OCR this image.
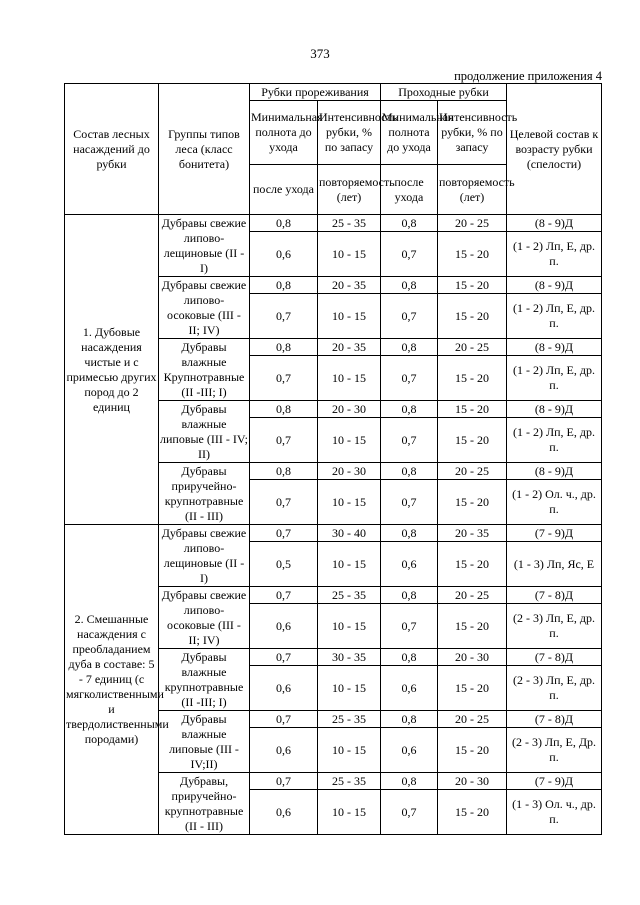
373
продолжение приложения 4
Состав лесных насаждений до рубки	Группы типов леса (класс бонитета)	Рубки прореживания		Проходные рубки		Целевой состав к возрасту рубки (спелости)
		Минимальная полнота до ухода	Интенсивность рубки, % по запасу	Минимальная полнота до ухода	Интенсивность рубки, % по запасу	
		после ухода	повторяемость (лет)	после ухода	повторяемость (лет)	
1. Дубовые насаждения чистые и с примесью других пород до 2 единиц	Дубравы свежие липово-лещиновые (II - I)	0,8	25 - 35	0,8	20 - 25	(8 - 9)Д
		0,6	10 - 15	0,7	15 - 20	(1 - 2) Лп, Е, др. п.
	Дубравы свежие липово-осоковые (III - II; IV)	0,8	20 - 35	0,8	15 - 20	(8 - 9)Д
		0,7	10 - 15	0,7	15 - 20	(1 - 2) Лп, Е, др. п.
	Дубравы влажные Крупнотравные (II -III; I)	0,8	20 - 35	0,8	20 - 25	(8 - 9)Д
		0,7	10 - 15	0,7	15 - 20	(1 - 2) Лп, Е, др. п.
	Дубравы влажные липовые (III - IV; II)	0,8	20 - 30	0,8	15 - 20	(8 - 9)Д
		0,7	10 - 15	0,7	15 - 20	(1 - 2) Лп, Е, др. п.
	Дубравы приручейно-крупнотравные (II - III)	0,8	20 - 30	0,8	20 - 25	(8 - 9)Д
		0,7	10 - 15	0,7	15 - 20	(1 - 2) Ол. ч., др. п.
2. Смешанные насаждения с преобладанием дуба в составе: 5 - 7 единиц (с мягколиственными и твердолиственными породами)	Дубравы свежие липово-лещиновые (II - I)	0,7	30 - 40	0,8	20 - 35	(7 - 9)Д
		0,5	10 - 15	0,6	15 - 20	(1 - 3) Лп, Яс, Е
	Дубравы свежие липово-осоковые (III - II; IV)	0,7	25 - 35	0,8	20 - 25	(7 - 8)Д
		0,6	10 - 15	0,7	15 - 20	(2 - 3) Лп, Е, др. п.
	Дубравы влажные крупнотравные (II -III; I)	0,7	30 - 35	0,8	20 - 30	(7 - 8)Д
		0,6	10 - 15	0,6	15 - 20	(2 - 3) Лп, Е, др. п.
	Дубравы влажные липовые (III - IV;II)	0,7	25 - 35	0,8	20 - 25	(7 - 8)Д
		0,6	10 - 15	0,6	15 - 20	(2 - 3) Лп, Е, Др. п.
	Дубравы, приручейно-крупнотравные (II - III)	0,7	25 - 35	0,8	20 - 30	(7 - 9)Д
		0,6	10 - 15	0,7	15 - 20	(1 - 3) Ол. ч., др. п.
